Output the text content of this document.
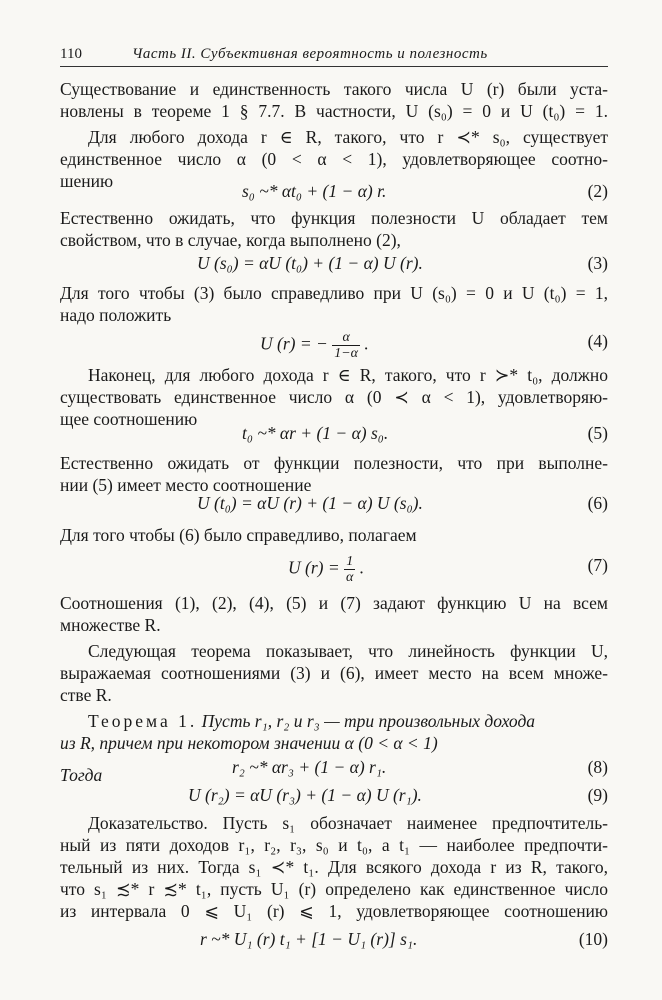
110	Часть II. Субъективная вероятность и полезность
Существование и единственность такого числа U (r) были уста-
новлены в теореме 1 § 7.7. В частности, U (s₀) = 0 и U (t₀) = 1.
Для любого дохода r ∈ R, такого, что r ≺* s₀, существует
единственное число α (0 < α < 1), удовлетворяющее соотно-
шению	s₀ ~* αt₀ + (1 − α) r.	(2)
Естественно ожидать, что функция полезности U обладает тем
свойством, что в случае, когда выполнено (2),
U (s₀) = αU (t₀) + (1 − α) U (r).	(3)
Для того чтобы (3) было справедливо при U (s₀) = 0 и U (t₀) = 1,
надо положить
U (r) = − $\frac{\alpha}{1-\alpha}$ .	(4)
Наконец, для любого дохода r ∈ R, такого, что r ≻* t₀, должно
существовать единственное число α (0 ≺ α < 1), удовлетворяю-
щее соотношению
t₀ ~* αr + (1 − α) s₀.	(5)
Естественно ожидать от функции полезности, что при выполне-
нии (5) имеет место соотношение
U (t₀) = αU (r) + (1 − α) U (s₀).	(6)
Для того чтобы (6) было справедливо, полагаем
U $(r) = \frac{1}{\alpha}$ .	(7)
Соотношения (1), (2), (4), (5) и (7) задают функцию U на всем
множестве R.
Следующая теорема показывает, что линейность функции U,
выражаемая соотношениями (3) и (6), имеет место на всем множе-
стве R.
Теорема 1. Пусть r₁, r₂ и r₃ — три произвольных дохода
из R, причем при некотором значении α (0 < α < 1)
r₂ ~* αr₃ + (1 − α) r₁.	(8)
Тогда
U (r₂) = αU (r₃) + (1 − α) U (r₁).	(9)
Доказательство. Пусть s₁ обозначает наименее предпочтитель-
ный из пяти доходов r₁, r₂, r₃, s₀ и t₀, а t₁ — наиболее предпочти-
тельный из них. Тогда s₁ ≺* t₁. Для всякого дохода r из R, такого,
что s₁ ≾* r ≾* t₁, пусть U₁ (r) определено как единственное число
из интервала 0 ⩽ U₁ (r) ⩽ 1, удовлетворяющее соотношению
r ~* U₁ (r) t₁ + [1 − U₁ (r)] s₁.	(10)
